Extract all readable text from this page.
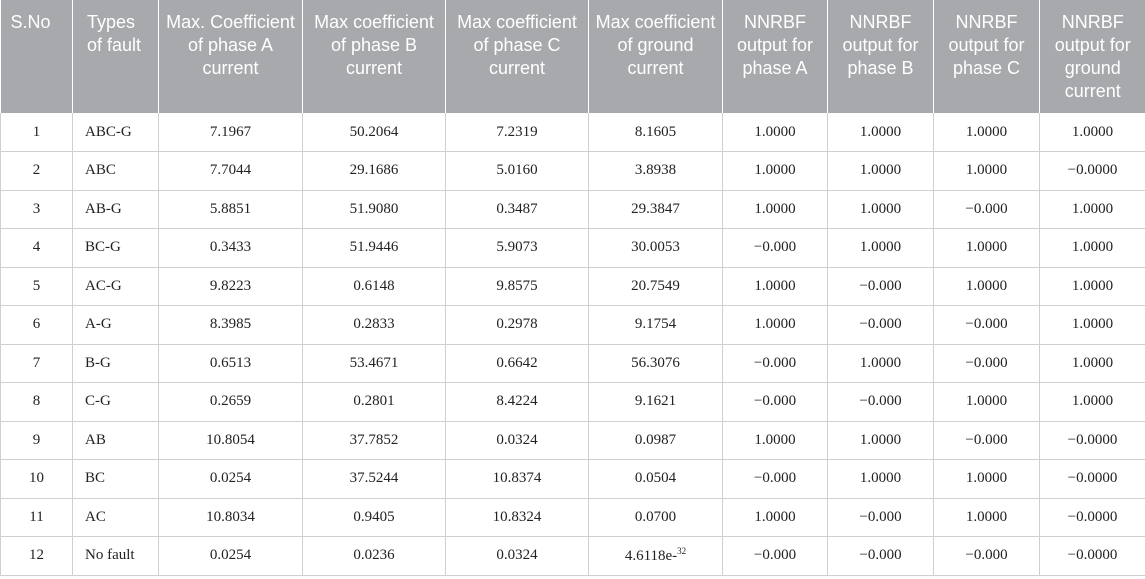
S.No	Types of fault	Max. Coefficient of phase A current	Max coefficient of phase B current	Max coefficient of phase C current	Max coefficient of ground current	NNRBF output for phase A	NNRBF output for phase B	NNRBF output for phase C	NNRBF output for ground current
1	ABC-G	7.1967	50.2064	7.2319	8.1605	1.0000	1.0000	1.0000	1.0000
2	ABC	7.7044	29.1686	5.0160	3.8938	1.0000	1.0000	1.0000	−0.0000
3	AB-G	5.8851	51.9080	0.3487	29.3847	1.0000	1.0000	−0.000	1.0000
4	BC-G	0.3433	51.9446	5.9073	30.0053	−0.000	1.0000	1.0000	1.0000
5	AC-G	9.8223	0.6148	9.8575	20.7549	1.0000	−0.000	1.0000	1.0000
6	A-G	8.3985	0.2833	0.2978	9.1754	1.0000	−0.000	−0.000	1.0000
7	B-G	0.6513	53.4671	0.6642	56.3076	−0.000	1.0000	−0.000	1.0000
8	C-G	0.2659	0.2801	8.4224	9.1621	−0.000	−0.000	1.0000	1.0000
9	AB	10.8054	37.7852	0.0324	0.0987	1.0000	1.0000	−0.000	−0.0000
10	BC	0.0254	37.5244	10.8374	0.0504	−0.000	1.0000	1.0000	−0.0000
11	AC	10.8034	0.9405	10.8324	0.0700	1.0000	−0.000	1.0000	−0.0000
12	No fault	0.0254	0.0236	0.0324	4.6118e-$^{32}$	−0.000	−0.000	−0.000	−0.0000
